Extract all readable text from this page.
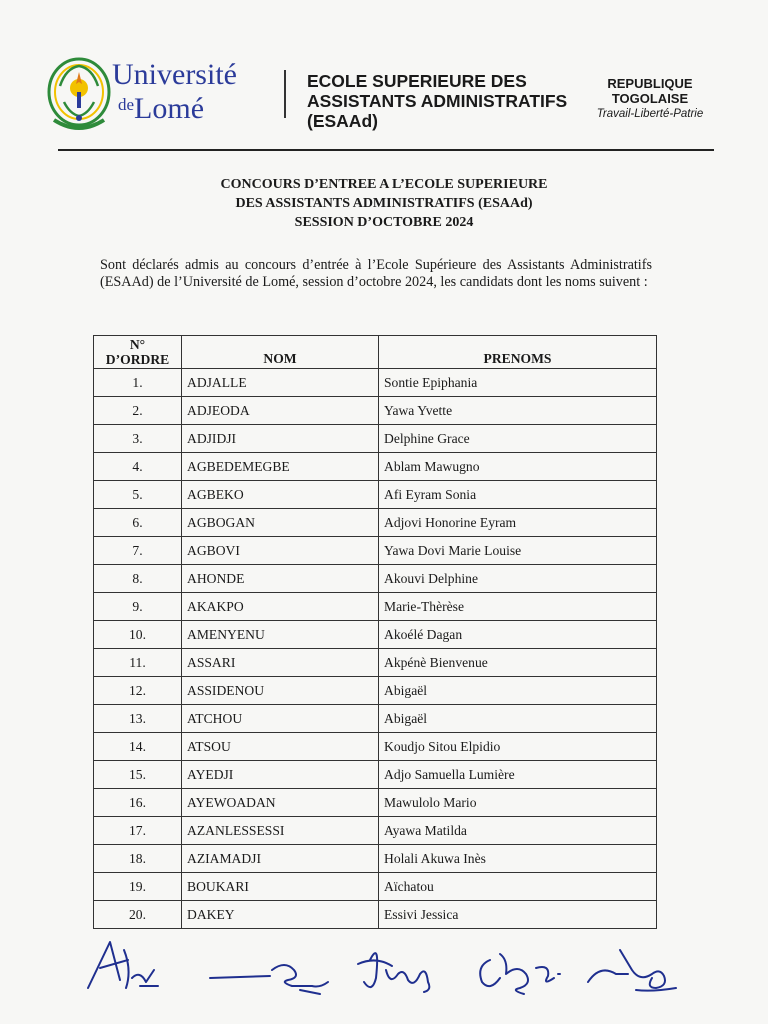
Université
$^{de}$Lomé
ECOLE SUPERIEURE DES
ASSISTANTS ADMINISTRATIFS
(ESAAd)
REPUBLIQUE TOGOLAISE
Travail-Liberté-Patrie
CONCOURS D’ENTREE A L’ECOLE SUPERIEURE
DES ASSISTANTS ADMINISTRATIFS (ESAAd)
SESSION D’OCTOBRE 2024
Sont déclarés admis au concours d’entrée à l’Ecole Supérieure des Assistants Administratifs (ESAAd) de l’Université de Lomé, session d’octobre 2024, les candidats dont les noms suivent :
N°
D’ORDRE	NOM	PRENOMS
1.	ADJALLE	Sontie Epiphania
2.	ADJEODA	Yawa Yvette
3.	ADJIDJI	Delphine Grace
4.	AGBEDEMEGBE	Ablam Mawugno
5.	AGBEKO	Afi Eyram Sonia
6.	AGBOGAN	Adjovi Honorine Eyram
7.	AGBOVI	Yawa Dovi Marie Louise
8.	AHONDE	Akouvi Delphine
9.	AKAKPO	Marie-Thèrèse
10.	AMENYENU	Akoélé Dagan
11.	ASSARI	Akpénè Bienvenue
12.	ASSIDENOU	Abigaël
13.	ATCHOU	Abigaël
14.	ATSOU	Koudjo Sitou Elpidio
15.	AYEDJI	Adjo Samuella Lumière
16.	AYEWOADAN	Mawulolo Mario
17.	AZANLESSESSI	Ayawa Matilda
18.	AZIAMADJI	Holali Akuwa Inès
19.	BOUKARI	Aïchatou
20.	DAKEY	Essivi Jessica
